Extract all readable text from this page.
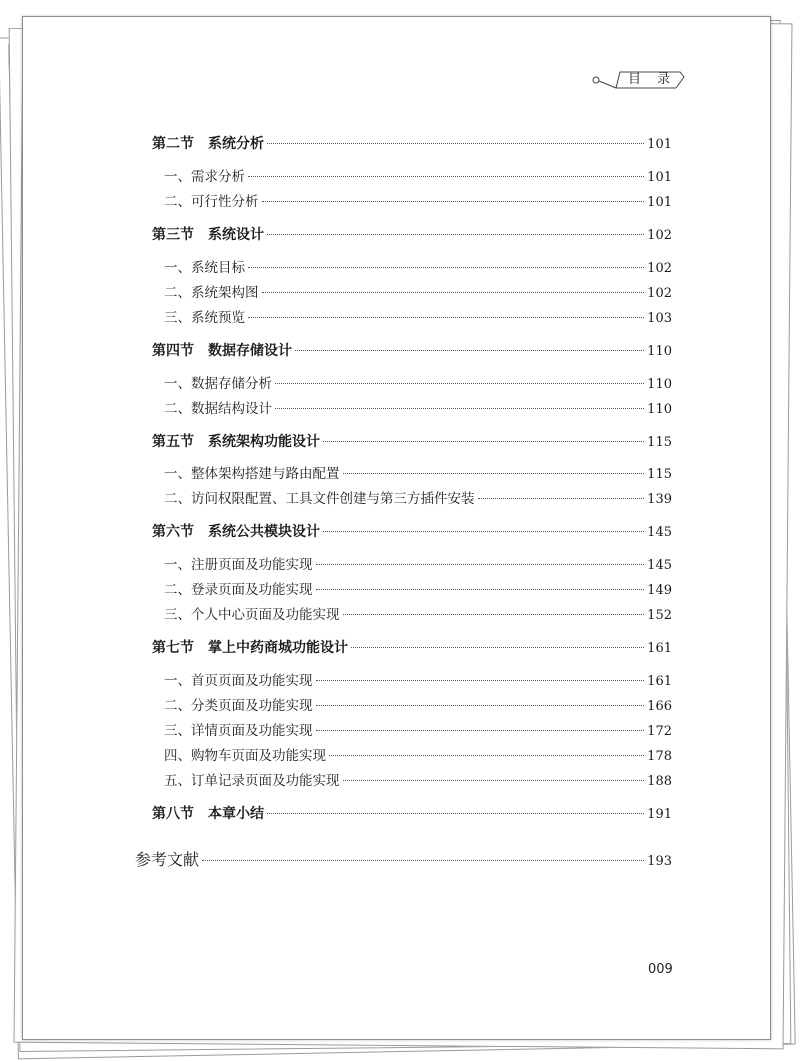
目 录
第二节　系统分析	101
一、需求分析	101
二、可行性分析	101
第三节　系统设计	102
一、系统目标	102
二、系统架构图	102
三、系统预览	103
第四节　数据存储设计	110
一、数据存储分析	110
二、数据结构设计	110
第五节　系统架构功能设计	115
一、整体架构搭建与路由配置	115
二、访问权限配置、工具文件创建与第三方插件安装	139
第六节　系统公共模块设计	145
一、注册页面及功能实现	145
二、登录页面及功能实现	149
三、个人中心页面及功能实现	152
第七节　掌上中药商城功能设计	161
一、首页页面及功能实现	161
二、分类页面及功能实现	166
三、详情页面及功能实现	172
四、购物车页面及功能实现	178
五、订单记录页面及功能实现	188
第八节　本章小结	191
参考文献	193
009
